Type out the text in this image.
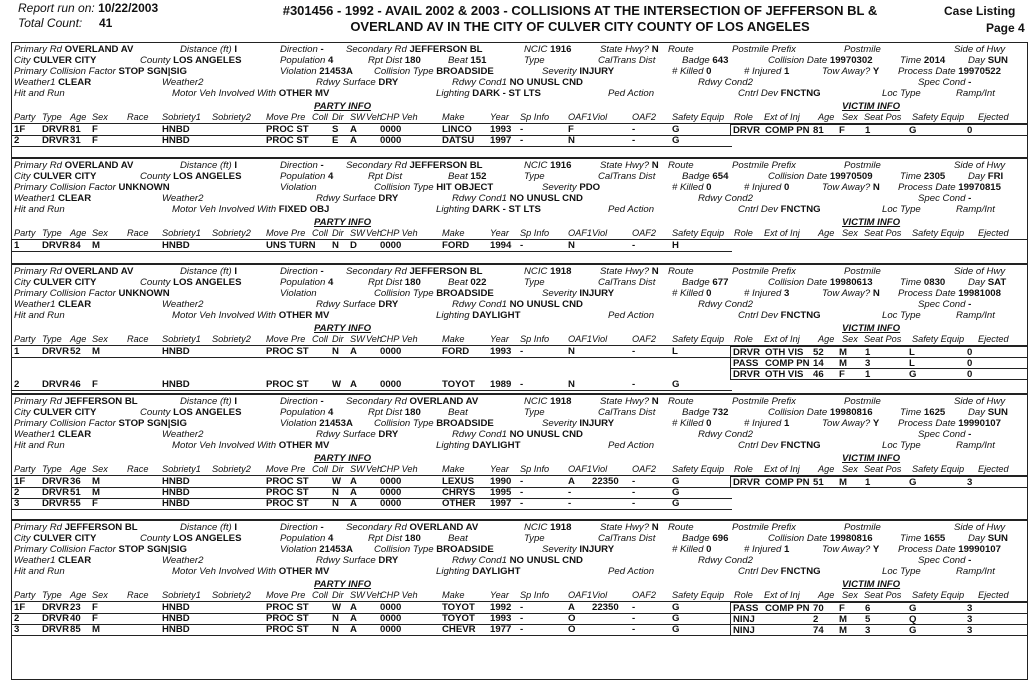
Report run on: 10/22/2003
Total Count: 41
#301456 - 1992 - AVAIL 2002 & 2003 - COLLISIONS AT THE INTERSECTION OF JEFFERSON BL &
OVERLAND AV IN THE CITY OF CULVER CITY COUNTY OF LOS ANGELES
Case Listing
Page 4
Primary Rd OVERLAND AV	Distance (ft) I	Direction - Secondary Rd JEFFERSON BL	NCIC 1916	State Hwy? N Route	Postmile Prefix	Postmile	Side of Hwy
City CULVER CITY	County LOS ANGELES	Population 4	Rpt Dist 180	Beat 151	Type	CalTrans Dist	Badge 643	Collision Date 19970302	Time 2014 Day SUN
Primary Collision Factor STOP SGN|SIG	Violation 21453A Collision Type BROADSIDE	Severity INJURY	# Killed 0	# Injured 1	Tow Away? Y Process Date 19970522
Weather1 CLEAR	Weather2	Rdwy Surface DRY	Rdwy Cond1 NO UNUSL CND	Rdwy Cond2	Spec Cond -
Hit and Run	Motor Veh Involved With OTHER MV	Lighting DARK - ST LTS	Ped Action	Cntrl Dev FNCTNG	Loc Type	Ramp/Int
PARTY INFO	VICTIM INFO
Party Type Age Sex Race Sobriety1 Sobriety2 Move Pre Coll Dir SW Veh
CHP Veh	Make	Year Sp Info OAF1 Viol	OAF2 Safety Equip Role Ext of Inj Age Sex Seat Pos Safety Equip Ejected
1F DRVR 81 F	HNBD	PROC ST S A 0000	LINCO 1993 -	F	-	G
2 DRVR 31 F	HNBD	PROC ST E A 0000	DATSU 1997 -	N	-	G
DRVR COMP PN 81 F 1	G	0
Primary Rd OVERLAND AV	Distance (ft) I	Direction - Secondary Rd JEFFERSON BL	NCIC 1916	State Hwy? N Route	Postmile Prefix	Postmile	Side of Hwy
City CULVER CITY	County LOS ANGELES	Population 4	Rpt Dist	Beat 152	Type	CalTrans Dist	Badge 654	Collision Date 19970509	Time 2305 Day FRI
Primary Collision Factor UNKNOWN	Violation	Collision Type HIT OBJECT	Severity PDO	# Killed 0	# Injured 0	Tow Away? N Process Date 19970815
Weather1 CLEAR	Weather2	Rdwy Surface DRY	Rdwy Cond1 NO UNUSL CND	Rdwy Cond2	Spec Cond -
Hit and Run	Motor Veh Involved With FIXED OBJ	Lighting DARK - ST LTS	Ped Action	Cntrl Dev FNCTNG	Loc Type	Ramp/Int
PARTY INFO	VICTIM INFO
Party Type Age Sex Race Sobriety1 Sobriety2 Move Pre Coll Dir SW Veh
CHP Veh	Make	Year Sp Info OAF1 Viol	OAF2 Safety Equip Role Ext of Inj Age Sex Seat Pos Safety Equip Ejected
1 DRVR 84 M	HNBD	UNS TURN N D 0000	FORD 1994 -	N	-	H
Primary Rd OVERLAND AV	Distance (ft) I	Direction - Secondary Rd JEFFERSON BL	NCIC 1918	State Hwy? N Route	Postmile Prefix	Postmile	Side of Hwy
City CULVER CITY	County LOS ANGELES	Population 4	Rpt Dist 180	Beat 022	Type	CalTrans Dist	Badge 677	Collision Date 19980613	Time 0830 Day SAT
Primary Collision Factor UNKNOWN	Violation	Collision Type BROADSIDE	Severity INJURY	# Killed 0	# Injured 3	Tow Away? N Process Date 19981008
Weather1 CLEAR	Weather2	Rdwy Surface DRY	Rdwy Cond1 NO UNUSL CND	Rdwy Cond2	Spec Cond -
Hit and Run	Motor Veh Involved With OTHER MV	Lighting DAYLIGHT	Ped Action	Cntrl Dev FNCTNG	Loc Type	Ramp/Int
PARTY INFO	VICTIM INFO
Party Type Age Sex Race Sobriety1 Sobriety2 Move Pre Coll Dir SW Veh
CHP Veh	Make	Year Sp Info OAF1 Viol	OAF2 Safety Equip Role Ext of Inj Age Sex Seat Pos Safety Equip Ejected
1 DRVR 52 M	HNBD	PROC ST N A 0000	FORD 1993 -	N	-	L
2 DRVR 46 F	HNBD	PROC ST W A 0000	TOYOT 1989 -	N	-	G
DRVR OTH VIS 52 M 1	L	0
PASS COMP PN 14 M 3	L	0
DRVR OTH VIS 46 F 1	G	0
Primary Rd JEFFERSON BL	Distance (ft) I	Direction - Secondary Rd OVERLAND AV	NCIC 1918	State Hwy? N Route	Postmile Prefix	Postmile	Side of Hwy
City CULVER CITY	County LOS ANGELES	Population 4	Rpt Dist 180	Beat	Type	CalTrans Dist	Badge 732	Collision Date 19980816	Time 1625 Day SUN
Primary Collision Factor STOP SGN|SIG	Violation 21453A Collision Type BROADSIDE	Severity INJURY	# Killed 0	# Injured 1	Tow Away? Y Process Date 19990107
Weather1 CLEAR	Weather2	Rdwy Surface DRY	Rdwy Cond1 NO UNUSL CND	Rdwy Cond2	Spec Cond -
Hit and Run	Motor Veh Involved With OTHER MV	Lighting DAYLIGHT	Ped Action	Cntrl Dev FNCTNG	Loc Type	Ramp/Int
PARTY INFO	VICTIM INFO
Party Type Age Sex Race Sobriety1 Sobriety2 Move Pre Coll Dir SW Veh
CHP Veh	Make	Year Sp Info OAF1 Viol	OAF2 Safety Equip Role Ext of Inj Age Sex Seat Pos Safety Equip Ejected
1F DRVR 36 M	HNBD	PROC ST W A 0000	LEXUS 1990 -	A 22350 -	G
2 DRVR 51 M	HNBD	PROC ST N A 0000	CHRYS 1995 -	-	-	G
3 DRVR 55 F	HNBD	PROC ST N A 0000	OTHER 1997 -	-	-	G
DRVR COMP PN 51 M 1	G	3
Primary Rd JEFFERSON BL	Distance (ft) I	Direction - Secondary Rd OVERLAND AV	NCIC 1918	State Hwy? N Route	Postmile Prefix	Postmile	Side of Hwy
City CULVER CITY	County LOS ANGELES	Population 4	Rpt Dist 180	Beat	Type	CalTrans Dist	Badge 696	Collision Date 19980816	Time 1655 Day SUN
Primary Collision Factor STOP SGN|SIG	Violation 21453A Collision Type BROADSIDE	Severity INJURY	# Killed 0	# Injured 1	Tow Away? Y Process Date 19990107
Weather1 CLEAR	Weather2	Rdwy Surface DRY	Rdwy Cond1 NO UNUSL CND	Rdwy Cond2	Spec Cond -
Hit and Run	Motor Veh Involved With OTHER MV	Lighting DAYLIGHT	Ped Action	Cntrl Dev FNCTNG	Loc Type	Ramp/Int
PARTY INFO	VICTIM INFO
Party Type Age Sex Race Sobriety1 Sobriety2 Move Pre Coll Dir SW Veh
CHP Veh	Make	Year Sp Info OAF1 Viol	OAF2 Safety Equip Role Ext of Inj Age Sex Seat Pos Safety Equip Ejected
1F DRVR 23 F	HNBD	PROC ST W A 0000	TOYOT 1992 -	A 22350 -	G
2 DRVR 40 F	HNBD	PROC ST N A 0000	TOYOT 1993 -	O	-	G
3 DRVR 85 M	HNBD	PROC ST N A 0000	CHEVR 1977 -	O	-	G
PASS COMP PN 70 F 6	G	3
NINJ	2 M 5	Q	3
NINJ	74 M 3	G	3
